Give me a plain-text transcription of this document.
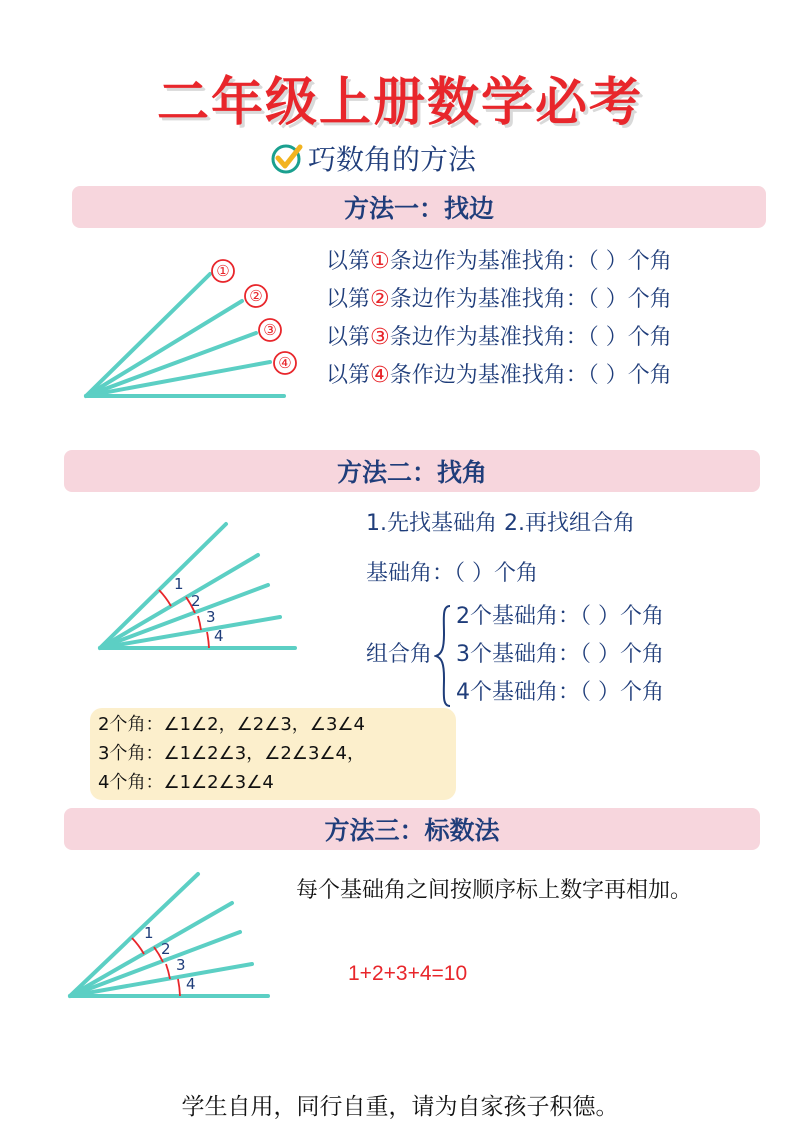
二年级上册数学必考
巧数角的方法
方法一：找边
①
②
③
④
以第①条边作为基准找角：（ ）个角
以第②条边作为基准找角：（ ）个角
以第③条边作为基准找角：（ ）个角
以第④条作边为基准找角：（ ）个角
方法二：找角
1
2
3
4
1.先找基础角 2.再找组合角
基础角：（ ）个角
组合角
2个基础角：（ ）个角
3个基础角：（ ）个角
4个基础角：（ ）个角
2个角：∠1∠2，∠2∠3，∠3∠4
3个角：∠1∠2∠3，∠2∠3∠4，
4个角：∠1∠2∠3∠4
方法三：标数法
1
2
3
4
每个基础角之间按顺序标上数字再相加。
1+2+3+4=10
学生自用，同行自重，请为自家孩子积德。
